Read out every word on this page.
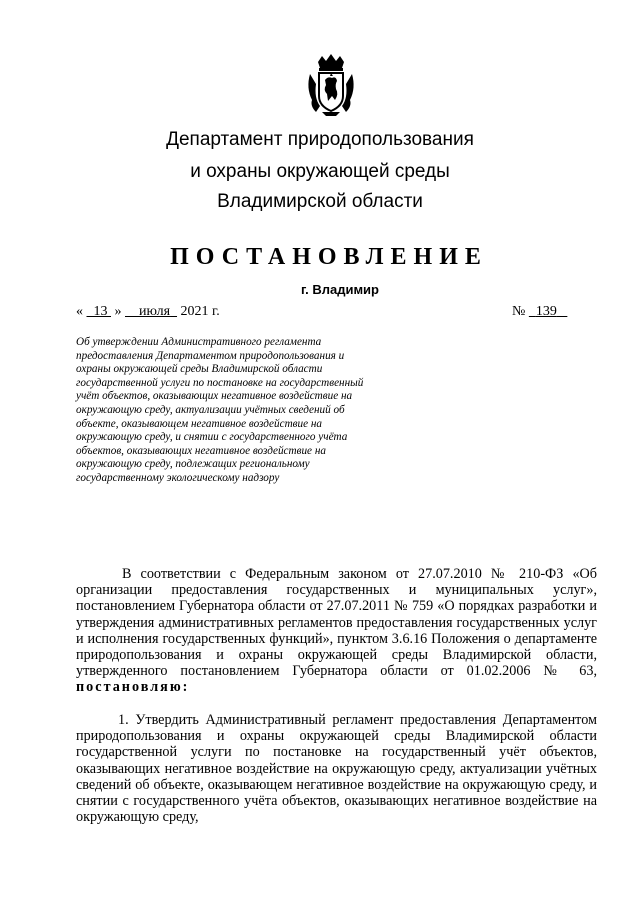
Департамент природопользования
и охраны окружающей среды
Владимирской области
ПОСТАНОВЛЕНИЕ
г. Владимир
« 13 » июля 2021 г.	№ 139
Об утверждении Административного регламента предоставления Департаментом природопользования и охраны окружающей среды Владимирской области государственной услуги по постановке на государственный учёт объектов, оказывающих негативное воздействие на окружающую среду, актуализации учётных сведений об объекте, оказывающем негативное воздействие на окружающую среду, и снятии с государственного учёта объектов, оказывающих негативное воздействие на окружающую среду, подлежащих региональному государственному экологическому надзору
В соответствии с Федеральным законом от 27.07.2010 № 210-ФЗ «Об организации предоставления государственных и муниципальных услуг», постановлением Губернатора области от 27.07.2011 № 759 «О порядках разработки и утверждения административных регламентов предоставления государственных услуг и исполнения государственных функций», пунктом 3.6.16 Положения о департаменте природопользования и охраны окружающей среды Владимирской области, утвержденного постановлением Губернатора области от 01.02.2006 № 63, постановляю:
1. Утвердить Административный регламент предоставления Департаментом природопользования и охраны окружающей среды Владимирской области государственной услуги по постановке на государственный учёт объектов, оказывающих негативное воздействие на окружающую среду, актуализации учётных сведений об объекте, оказывающем негативное воздействие на окружающую среду, и снятии с государственного учёта объектов, оказывающих негативное воздействие на окружающую среду,
